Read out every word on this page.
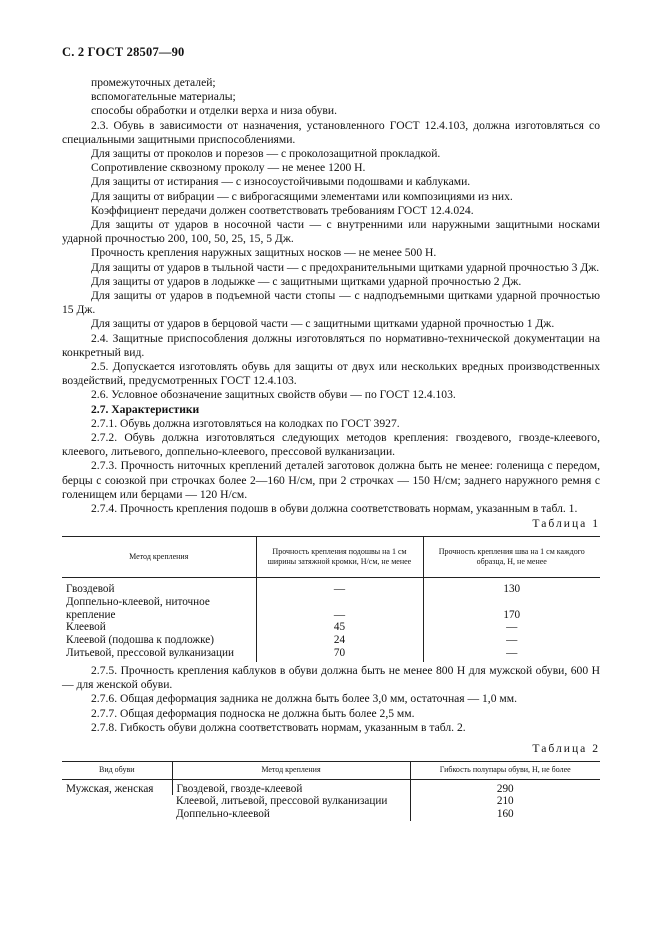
С. 2 ГОСТ 28507—90

промежуточных деталей;

вспомогательные материалы;

способы обработки и отделки верха и низа обуви.

2.3. Обувь в зависимости от назначения, установленного ГОСТ 12.4.103, должна изготовляться со специальными защитными приспособлениями.

Для защиты от проколов и порезов — с проколозащитной прокладкой.

Сопротивление сквозному проколу — не менее 1200 Н.

Для защиты от истирания — с износоустойчивыми подошвами и каблуками.

Для защиты от вибрации — с виброгасящими элементами или композициями из них.

Коэффициент передачи должен соответствовать требованиям ГОСТ 12.4.024.

Для защиты от ударов в носочной части — с внутренними или наружными защитными носками ударной прочностью 200, 100, 50, 25, 15, 5 Дж.

Прочность крепления наружных защитных носков — не менее 500 Н.

Для защиты от ударов в тыльной части — с предохранительными щитками ударной прочностью 3 Дж.

Для защиты от ударов в лодыжке — с защитными щитками ударной прочностью 2 Дж.

Для защиты от ударов в подъемной части стопы — с надподъемными щитками ударной прочностью 15 Дж.

Для защиты от ударов в берцовой части — с защитными щитками ударной прочностью 1 Дж.

2.4. Защитные приспособления должны изготовляться по нормативно-технической документации на конкретный вид.

2.5. Допускается изготовлять обувь для защиты от двух или нескольких вредных производственных воздействий, предусмотренных ГОСТ 12.4.103.

2.6. Условное обозначение защитных свойств обуви — по ГОСТ 12.4.103.

2.7. Характеристики

2.7.1. Обувь должна изготовляться на колодках по ГОСТ 3927.

2.7.2. Обувь должна изготовляться следующих методов крепления: гвоздевого, гвоздe-клеевого, клеевого, литьевого, доппельно-клеевого, прессовой вулканизации.

2.7.3. Прочность ниточных креплений деталей заготовок должна быть не менее: голенища с передом, берцы с союзкой при строчках более 2—160 Н/см, при 2 строчках — 150 Н/см; заднего наружного ремня с голенищем или берцами — 120 Н/см.

2.7.4. Прочность крепления подошв в обуви должна соответствовать нормам, указанным в табл. 1.

Таблица 1
Метод крепления	Прочность крепления подошвы на 1 см ширины затяжной кромки, Н/см, не менее	Прочность крепления шва на 1 см каждого образца, Н, не менее
Гвоздевой	—	130
Доппельно-клеевой, ниточное крепление	—	170
Клеевой	45	—
Клеевой (подошва к подложке)	24	—
Литьевой, прессовой вулканизации	70	—

2.7.5. Прочность крепления каблуков в обуви должна быть не менее 800 Н для мужской обуви, 600 Н — для женской обуви.

2.7.6. Общая деформация задника не должна быть более 3,0 мм, остаточная — 1,0 мм.

2.7.7. Общая деформация подноска не должна быть более 2,5 мм.

2.7.8. Гибкость обуви должна соответствовать нормам, указанным в табл. 2.

Таблица 2
Вид обуви	Метод крепления	Гибкость полупары обуви, Н, не более
Мужская, женская	Гвоздевой, гвоздe-клеевой	290
	Клеевой, литьевой, прессовой вулканизации	210
	Доппельно-клеевой	160
